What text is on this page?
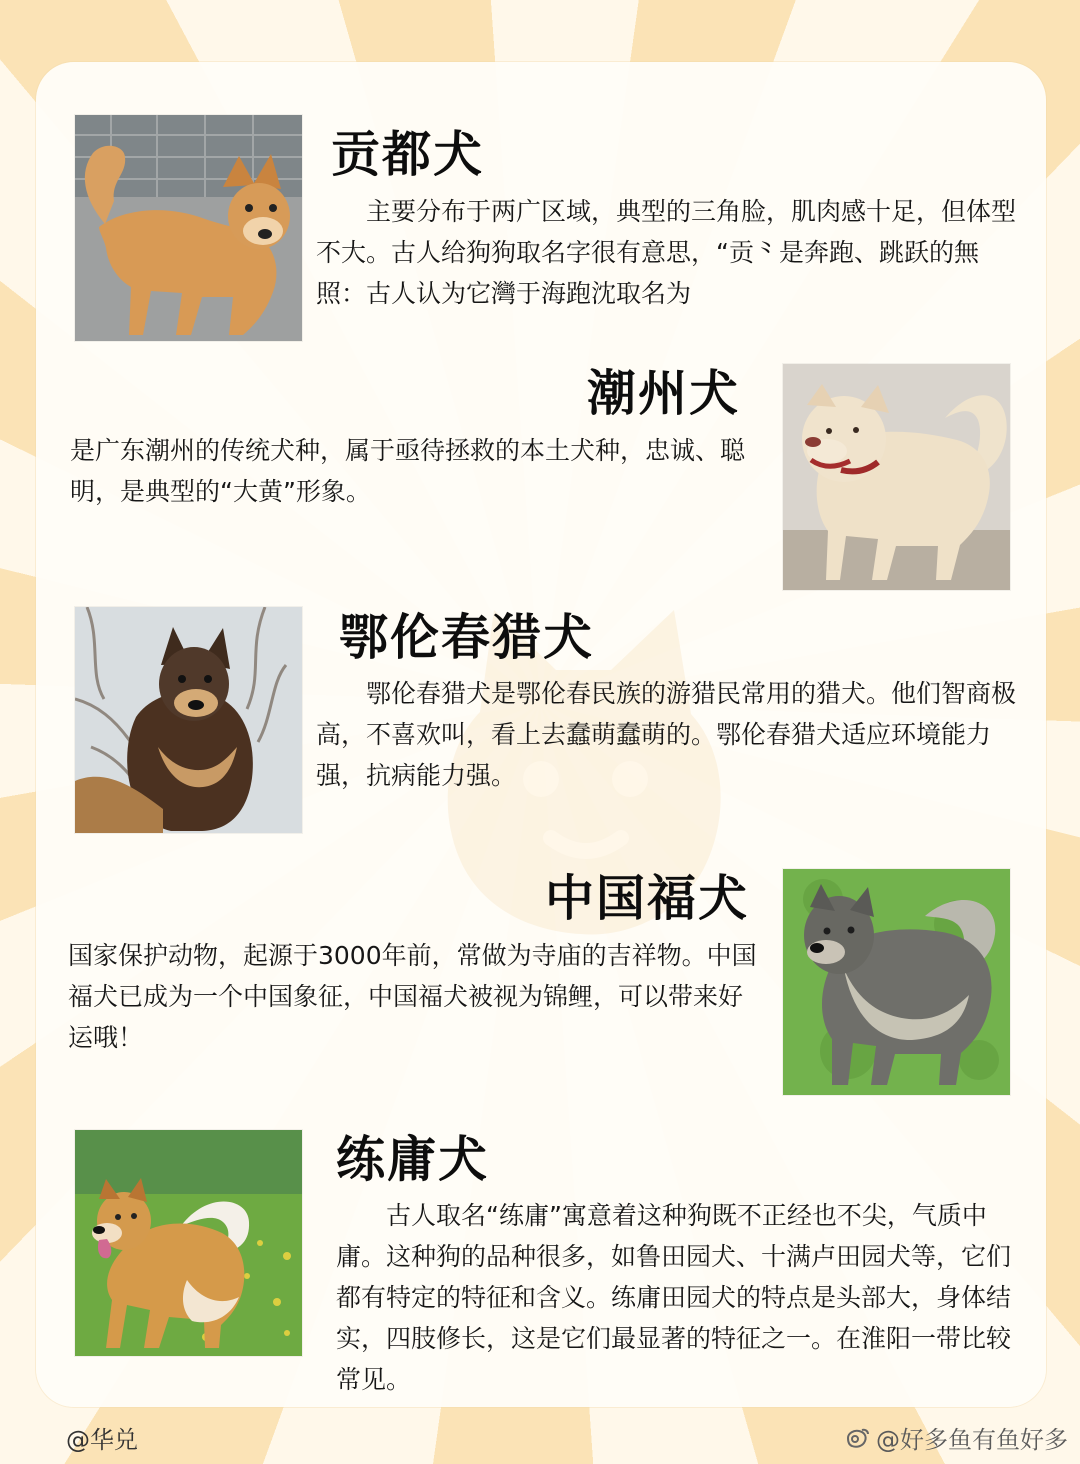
贡都犬

主要分布于两广区域，典型的三角脸，肌肉感十足，但体型不大。古人给狗狗取名字很有意思，“贡⺀是奔跑、跳跃的無照：古人认为它灣于海跑沈取名为

潮州犬

是广东潮州的传统犬种，属于亟待拯救的本土犬种，忠诚、聪明，是典型的“大黄”形象。

鄂伦春猎犬

鄂伦春猎犬是鄂伦春民族的游猎民常用的猎犬。他们智商极高，不喜欢叫，看上去蠢萌蠢萌的。鄂伦春猎犬适应环境能力强，抗病能力强。

中国福犬

国家保护动物，起源于3000年前，常做为寺庙的吉祥物。中国福犬已成为一个中国象征，中国福犬被视为锦鲤，可以带来好运哦！

练庸犬

古人取名“练庸”寓意着这种狗既不正经也不尖，气质中庸。这种狗的品种很多，如鲁田园犬、十满卢田园犬等，它们都有特定的特征和含义。练庸田园犬的特点是头部大，身体结实，四肢修长，这是它们最显著的特征之一。在淮阳一带比较常见。

@华兑	@好多鱼有鱼好多
